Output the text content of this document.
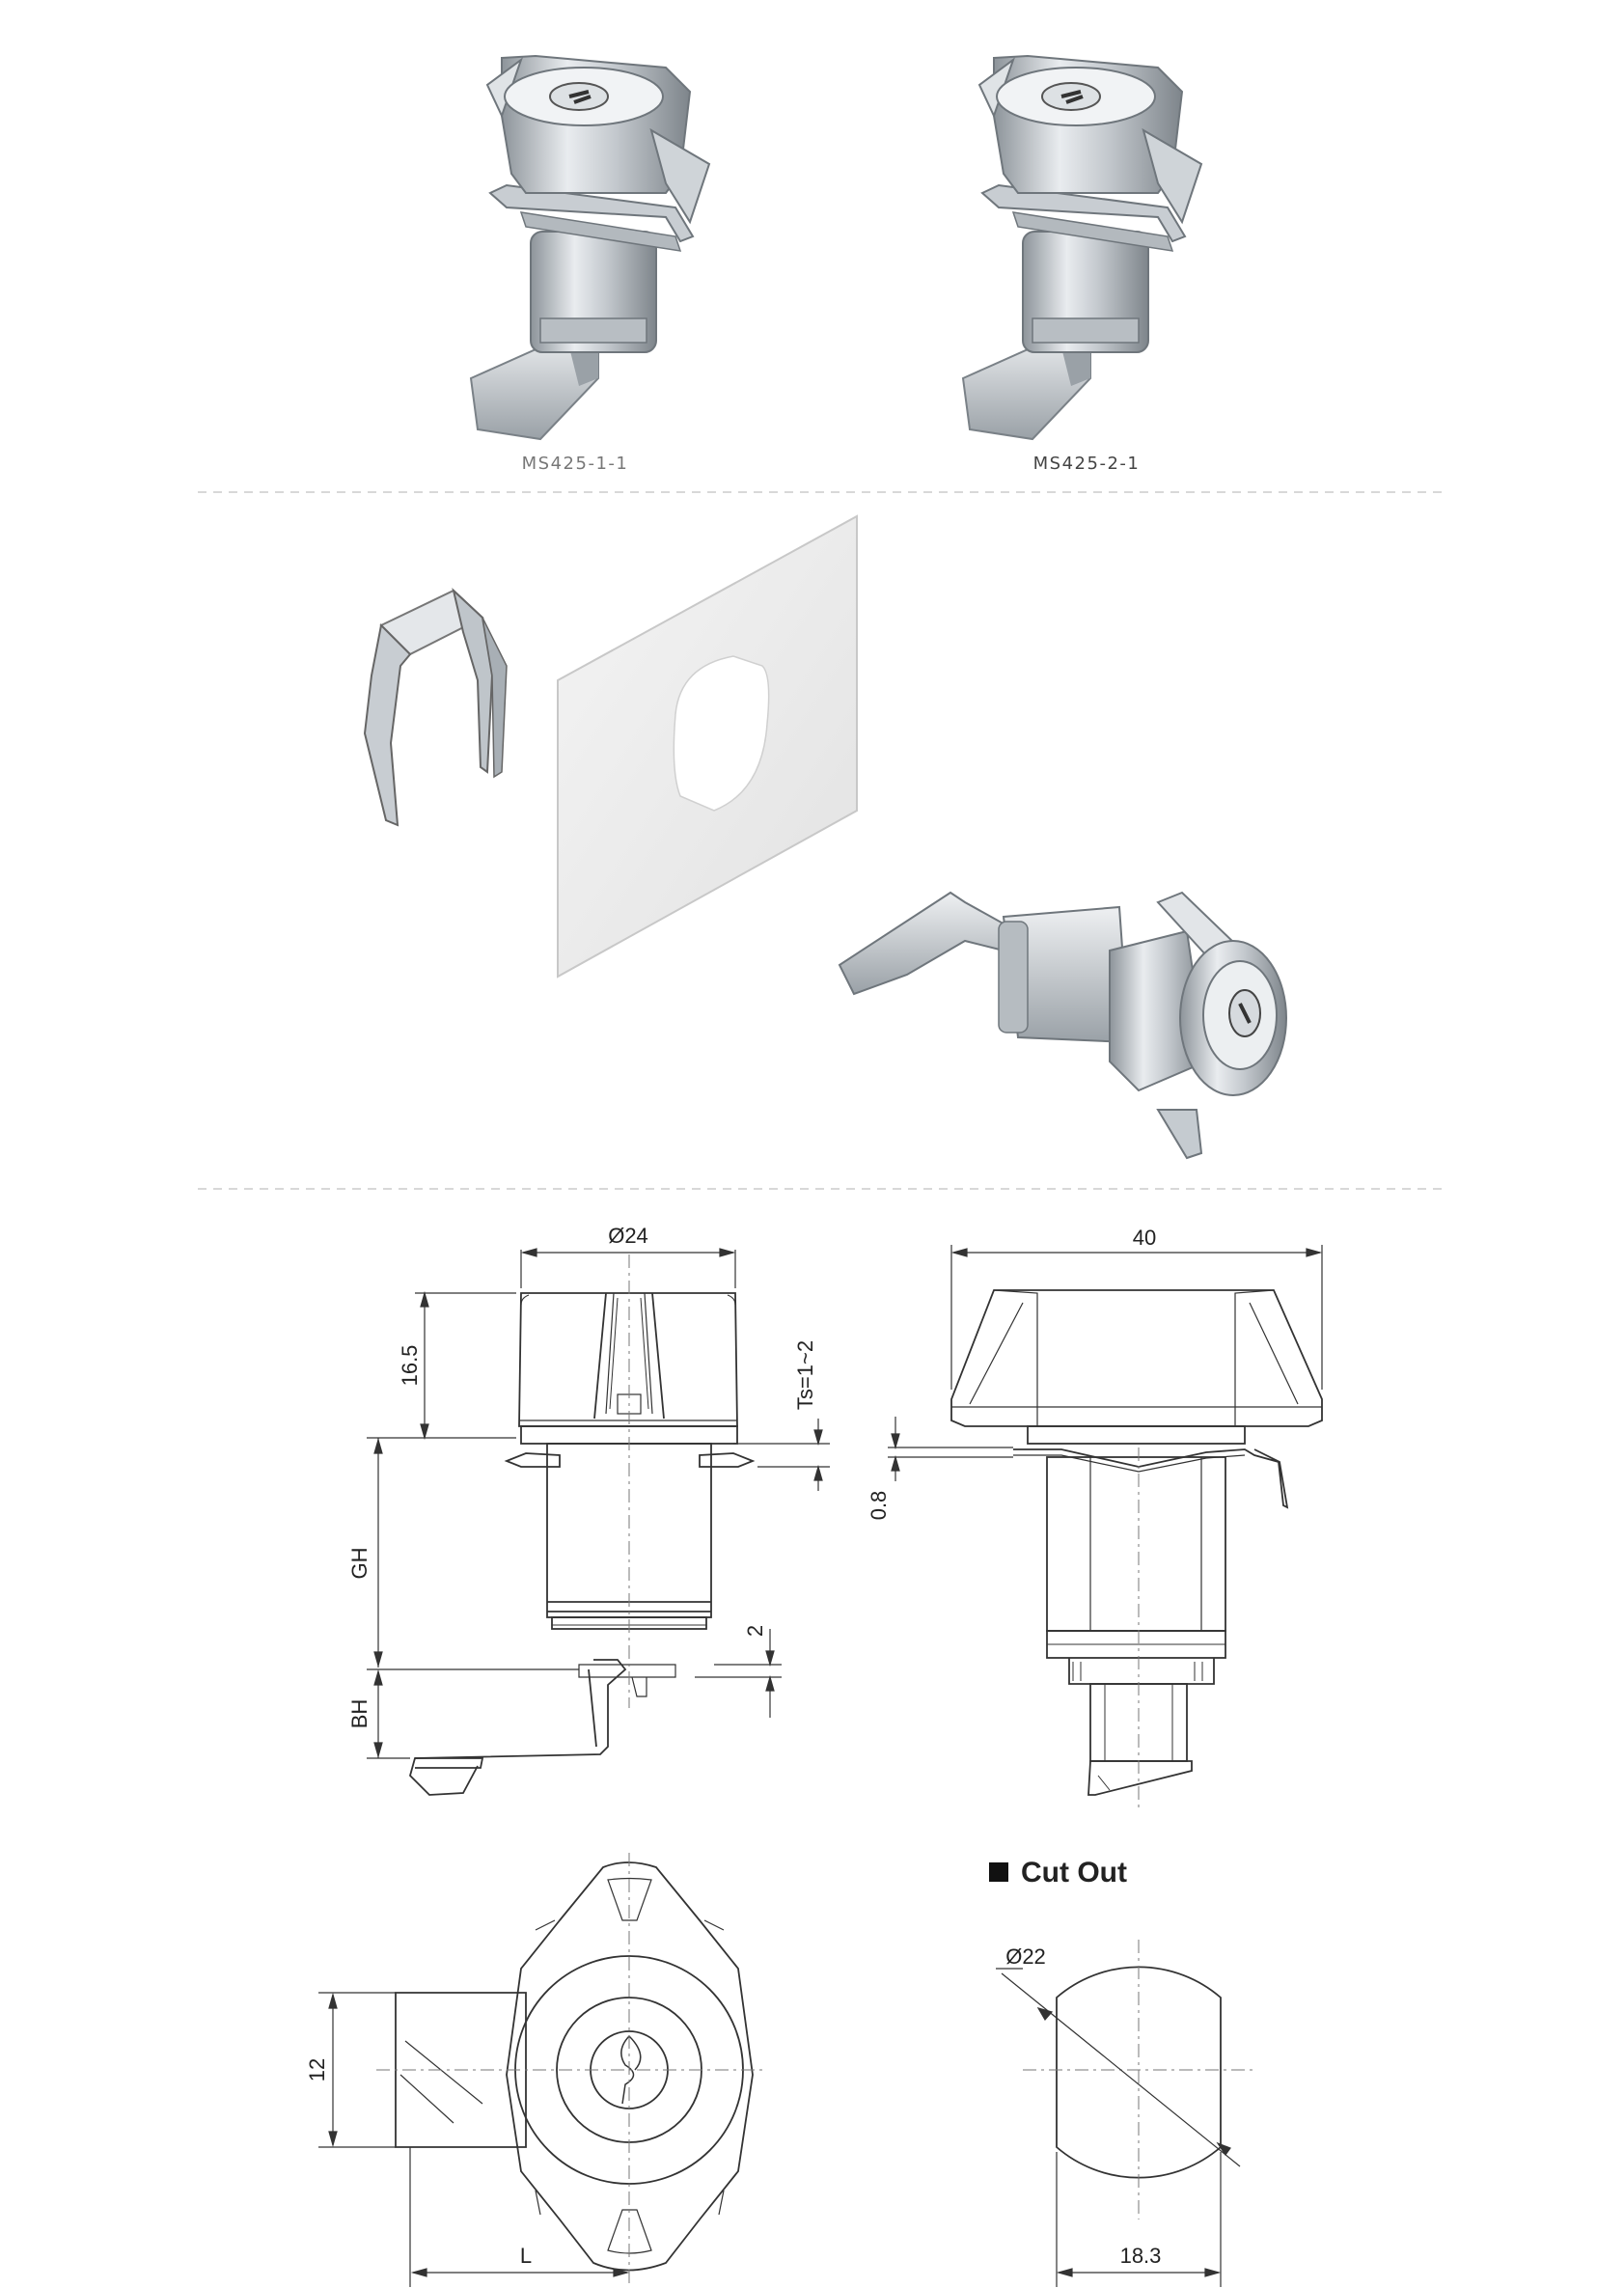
MS425-1-1	MS425-2-1
Ø24
16.5	Ts=1~2
GH
2
BH
40
0.8
12
L
Cut Out
Ø22
18.3
